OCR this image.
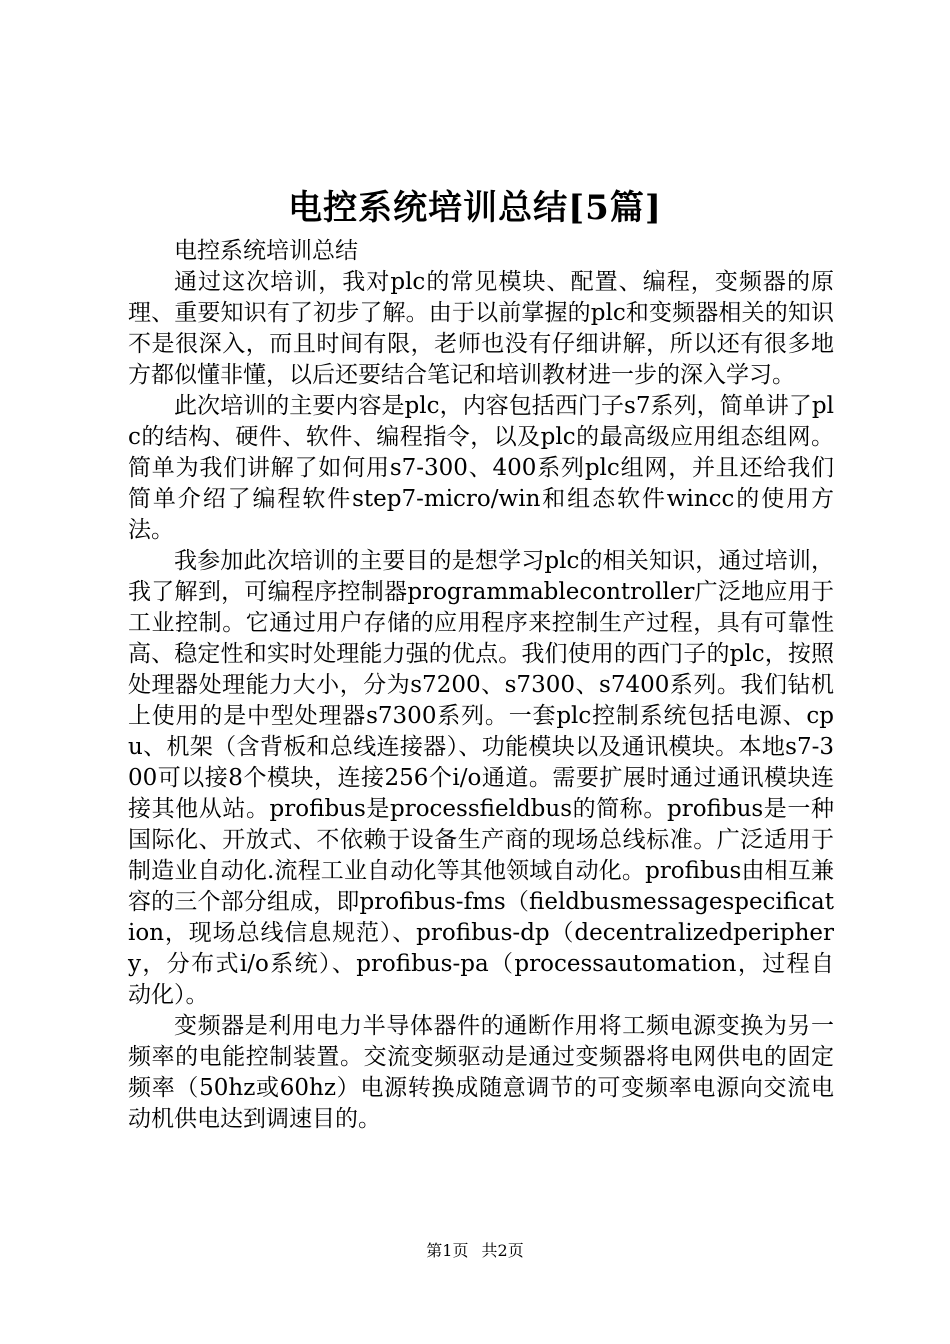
电控系统培训总结[5篇]

电控系统培训总结

通过这次培训，我对plc的常见模块、配置、编程，变频器的原理、重要知识有了初步了解。由于以前掌握的plc和变频器相关的知识不是很深入，而且时间有限，老师也没有仔细讲解，所以还有很多地方都似懂非懂，以后还要结合笔记和培训教材进一步的深入学习。

此次培训的主要内容是plc，内容包括西门子s7系列，简单讲了plc的结构、硬件、软件、编程指令，以及plc的最高级应用组态组网。简单为我们讲解了如何用s7-300、400系列plc组网，并且还给我们简单介绍了编程软件step7-micro/win和组态软件wincc的使用方法。

我参加此次培训的主要目的是想学习plc的相关知识，通过培训，我了解到，可编程序控制器programmablecontroller广泛地应用于工业控制。它通过用户存储的应用程序来控制生产过程，具有可靠性高、稳定性和实时处理能力强的优点。我们使用的西门子的plc，按照处理器处理能力大小，分为s7200、s7300、s7400系列。我们钻机上使用的是中型处理器s7300系列。一套plc控制系统包括电源、cpu、机架（含背板和总线连接器）、功能模块以及通讯模块。本地s7-300可以接8个模块，连接256个i/o通道。需要扩展时通过通讯模块连接其他从站。profibus是processfieldbus的简称。profibus是一种国际化、开放式、不依赖于设备生产商的现场总线标准。广泛适用于制造业自动化.流程工业自动化等其他领域自动化。profibus由相互兼容的三个部分组成，即profibus-fms（fieldbusmessagespecification，现场总线信息规范）、profibus-dp（decentralizedperiphery，分布式i/o系统）、profibus-pa（processautomation，过程自动化）。

变频器是利用电力半导体器件的通断作用将工频电源变换为另一频率的电能控制装置。交流变频驱动是通过变频器将电网供电的固定频率（50hz或60hz）电源转换成随意调节的可变频率电源向交流电动机供电达到调速目的。

第1页 共2页
